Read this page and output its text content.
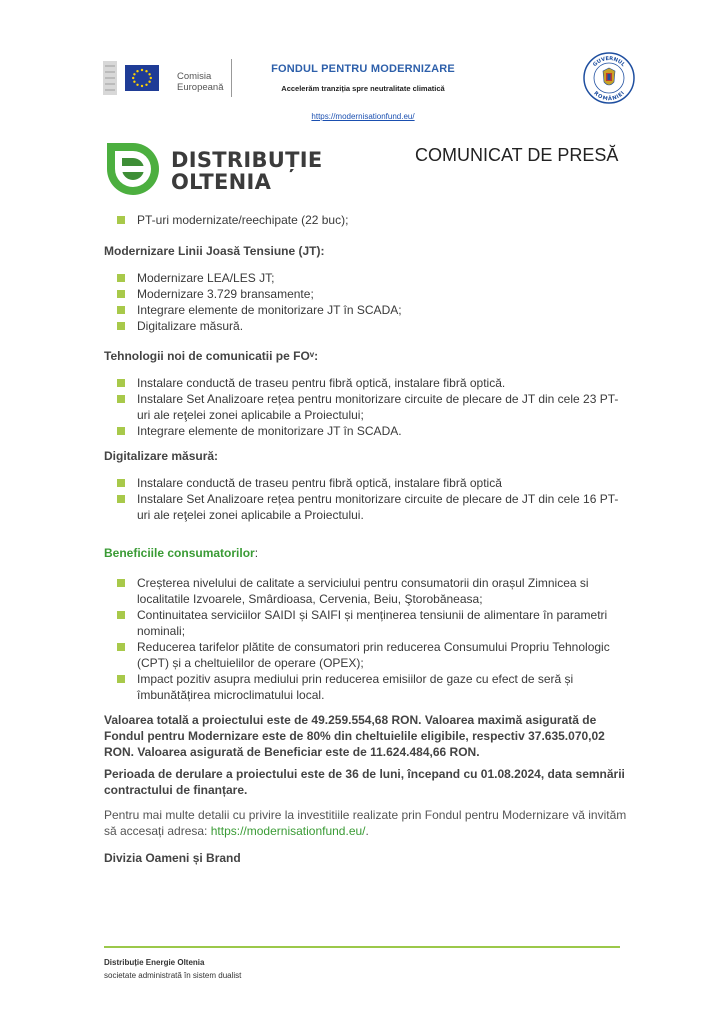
Comisia
Europeană
FONDUL PENTRU MODERNIZARE
Accelerăm tranziția spre neutralitate climatică
https://modernisationfund.eu/
GUVERNUL
ROMÂNIEI
DISTRIBUȚIE
OLTENIA
COMUNICAT DE PRESĂ
PT-uri modernizate/reechipate (22 buc);
Modernizare Linii Joasă Tensiune (JT):
Modernizare LEA/LES JT;
Modernizare 3.729 bransamente;
Integrare elemente de monitorizare JT în SCADA;
Digitalizare măsură.
Tehnologii noi de comunicatii pe FOᵛ:
Instalare conductă de traseu pentru fibră optică, instalare fibră optică.
Instalare Set Analizoare rețea pentru monitorizare circuite de plecare de JT din cele 23 PT-uri ale reţelei zonei aplicabile a Proiectului;
Integrare elemente de monitorizare JT în SCADA.
Digitalizare măsură:
Instalare conductă de traseu pentru fibră optică, instalare fibră optică
Instalare Set Analizoare rețea pentru monitorizare circuite de plecare de JT din cele 16 PT-uri ale reţelei zonei aplicabile a Proiectului.
Beneficiile consumatorilor:
Creșterea nivelului de calitate a serviciului pentru consumatorii din orașul Zimnicea si localitatile Izvoarele, Smârdioasa, Cervenia, Beiu, Ştorobăneasa;
Continuitatea serviciilor SAIDI și SAIFI și menținerea tensiunii de alimentare în parametri nominali;
Reducerea tarifelor plătite de consumatori prin reducerea Consumului Propriu Tehnologic (CPT) și a cheltuielilor de operare (OPEX);
Impact pozitiv asupra mediului prin reducerea emisiilor de gaze cu efect de seră și îmbunătățirea microclimatului local.
Valoarea totală a proiectului este de 49.259.554,68 RON. Valoarea maximă asigurată de Fondul pentru Modernizare este de 80% din cheltuielile eligibile, respectiv 37.635.070,02 RON. Valoarea asigurată de Beneficiar este de 11.624.484,66 RON.
Perioada de derulare a proiectului este de 36 de luni, începand cu 01.08.2024, data semnării contractului de finanțare.
Pentru mai multe detalii cu privire la investitiile realizate prin Fondul pentru Modernizare vă invităm să accesați adresa: https://modernisationfund.eu/.
Divizia Oameni și Brand
Distribuție Energie Oltenia
societate administrată în sistem dualist
